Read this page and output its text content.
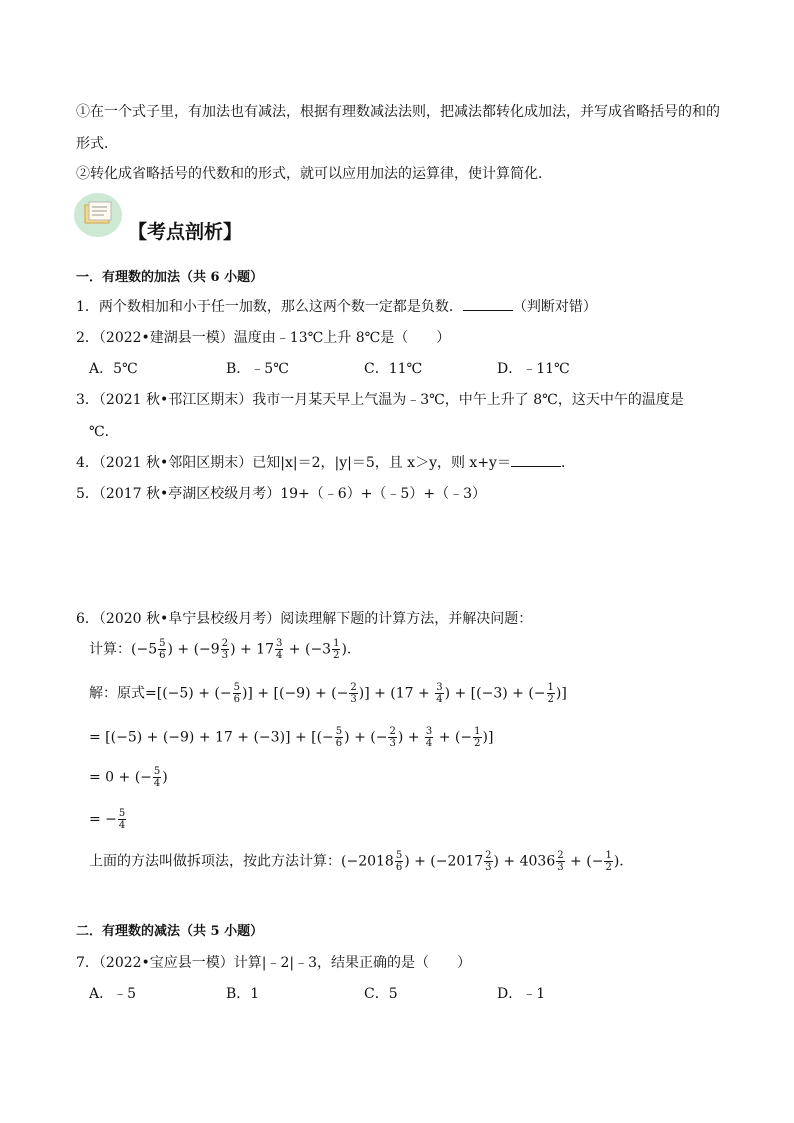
①在一个式子里，有加法也有减法，根据有理数减法法则，把减法都转化成加法，并写成省略括号的和的
形式．
②转化成省略括号的代数和的形式，就可以应用加法的运算律，使计算简化．
【考点剖析】
一．有理数的加法（共 6 小题）
1．两个数相加和小于任一加数，那么这两个数一定都是负数．	（判断对错）
2．（2022•建湖县一模）温度由﹣13℃上升 8℃是（　　）
A．5℃	B．﹣5℃	C．11℃	D．﹣11℃
3．（2021 秋•邗江区期末）我市一月某天早上气温为﹣3℃，中午上升了 8℃，这天中午的温度是
℃．
4．（2021 秋•邻阳区期末）已知|x|＝2，|y|＝5，且 x＞y，则 x+y＝	．
5．（2017 秋•亭湖区校级月考）19+（﹣6）+（﹣5）+（﹣3）
6．（2020 秋•阜宁县校级月考）阅读理解下题的计算方法，并解决问题：
计算：($-5 \frac{5}{6}$ ) + ($-9 \frac{2}{3}$ ) + $17 \frac{3}{4} + (-3 \frac{1}{2}$ ).
解：原式=[(−5) + (− $\frac{5}{6}$ )] + [(−9) + (− $\frac{2}{3}$ )] + ($17 + \frac{3}{4}$ ) + [(−3) + (− $\frac{1}{2}$ )]
= [(−5) + (−9) + 17 + (−3)] + [(− $\frac{5}{6}$ ) + (− $\frac{2}{3}$ ) + $\frac{3}{4}$ + (− $\frac{1}{2}$ )]
= 0 + (− $\frac{5}{4}$ )
= − $\frac{5}{4}$
上面的方法叫做拆项法，按此方法计算：($-2018 \frac{5}{6}$ ) + ($-2017 \frac{2}{3}$ ) + $4036 \frac{2}{3}$ + (− $\frac{1}{2}$ ).
二．有理数的减法（共 5 小题）
7．（2022•宝应县一模）计算|﹣2|﹣3，结果正确的是（　　）
A．﹣5	B．1	C．5	D．﹣1
